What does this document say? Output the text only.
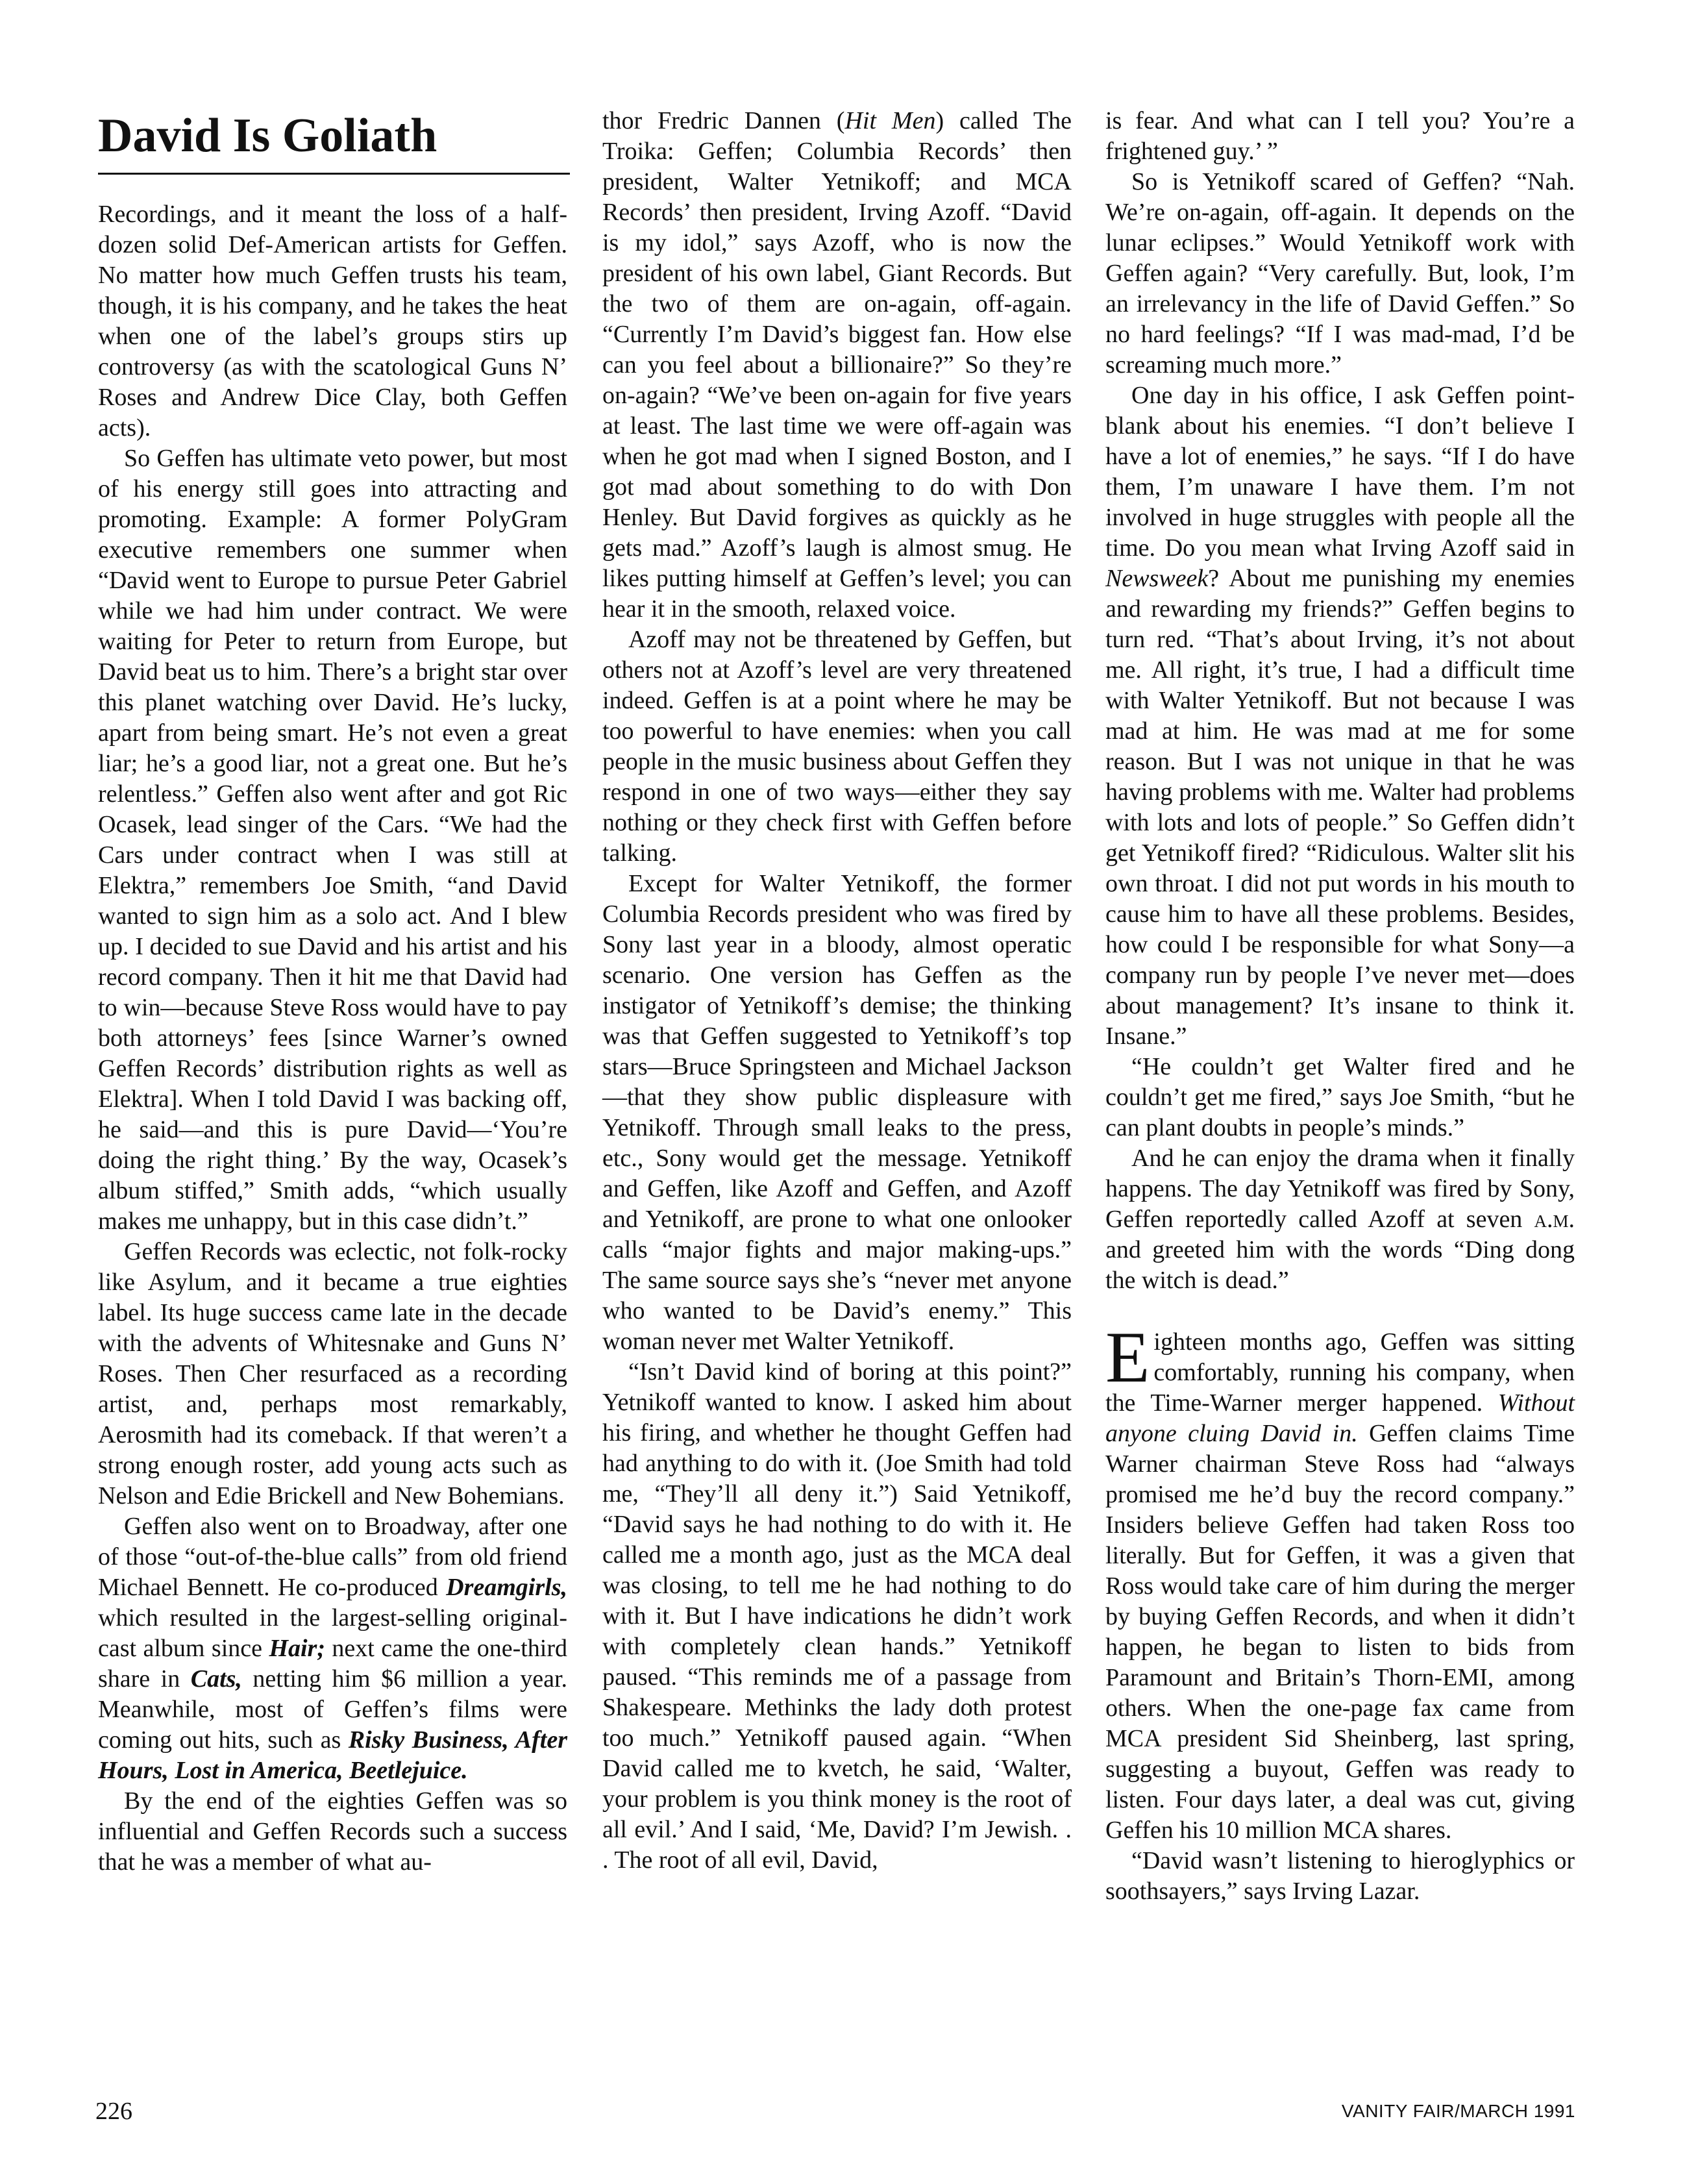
David Is Goliath

Recordings, and it meant the loss of a half-dozen solid Def-American artists for Geffen. No matter how much Geffen trusts his team, though, it is his company, and he takes the heat when one of the label’s groups stirs up controversy (as with the scatological Guns N’ Roses and Andrew Dice Clay, both Geffen acts).

So Geffen has ultimate veto power, but most of his energy still goes into attracting and promoting. Example: A former PolyGram executive remembers one summer when “David went to Europe to pursue Peter Gabriel while we had him under contract. We were waiting for Peter to return from Europe, but David beat us to him. There’s a bright star over this planet watching over David. He’s lucky, apart from being smart. He’s not even a great liar; he’s a good liar, not a great one. But he’s relentless.” Geffen also went after and got Ric Ocasek, lead singer of the Cars. “We had the Cars under contract when I was still at Elektra,” remembers Joe Smith, “and David wanted to sign him as a solo act. And I blew up. I decided to sue David and his artist and his record company. Then it hit me that David had to win—because Steve Ross would have to pay both attorneys’ fees [since Warner’s owned Geffen Records’ distribution rights as well as Elektra]. When I told David I was backing off, he said—and this is pure David—‘You’re doing the right thing.’ By the way, Ocasek’s album stiffed,” Smith adds, “which usually makes me unhappy, but in this case didn’t.”

Geffen Records was eclectic, not folk-rocky like Asylum, and it became a true eighties label. Its huge success came late in the decade with the advents of Whitesnake and Guns N’ Roses. Then Cher resurfaced as a recording artist, and, perhaps most remarkably, Aerosmith had its comeback. If that weren’t a strong enough roster, add young acts such as Nelson and Edie Brickell and New Bohemians.

Geffen also went on to Broadway, after one of those “out-of-the-blue calls” from old friend Michael Bennett. He co-produced Dreamgirls, which resulted in the largest-selling original-cast album since Hair; next came the one-third share in Cats, netting him $6 million a year. Meanwhile, most of Geffen’s films were coming out hits, such as Risky Business, After Hours, Lost in America, Beetlejuice.

By the end of the eighties Geffen was so influential and Geffen Records such a success that he was a member of what au-

thor Fredric Dannen (Hit Men) called The Troika: Geffen; Columbia Records’ then president, Walter Yetnikoff; and MCA Records’ then president, Irving Azoff. “David is my idol,” says Azoff, who is now the president of his own label, Giant Records. But the two of them are on-again, off-again. “Currently I’m David’s biggest fan. How else can you feel about a billionaire?” So they’re on-again? “We’ve been on-again for five years at least. The last time we were off-again was when he got mad when I signed Boston, and I got mad about something to do with Don Henley. But David forgives as quickly as he gets mad.” Azoff’s laugh is almost smug. He likes putting himself at Geffen’s level; you can hear it in the smooth, relaxed voice.

Azoff may not be threatened by Geffen, but others not at Azoff’s level are very threatened indeed. Geffen is at a point where he may be too powerful to have enemies: when you call people in the music business about Geffen they respond in one of two ways—either they say nothing or they check first with Geffen before talking.

Except for Walter Yetnikoff, the former Columbia Records president who was fired by Sony last year in a bloody, almost operatic scenario. One version has Geffen as the instigator of Yetnikoff’s demise; the thinking was that Geffen suggested to Yetnikoff’s top stars—Bruce Springsteen and Michael Jackson—that they show public displeasure with Yetnikoff. Through small leaks to the press, etc., Sony would get the message. Yetnikoff and Geffen, like Azoff and Geffen, and Azoff and Yetnikoff, are prone to what one onlooker calls “major fights and major making-ups.” The same source says she’s “never met anyone who wanted to be David’s enemy.” This woman never met Walter Yetnikoff.

“Isn’t David kind of boring at this point?” Yetnikoff wanted to know. I asked him about his firing, and whether he thought Geffen had had anything to do with it. (Joe Smith had told me, “They’ll all deny it.”) Said Yetnikoff, “David says he had nothing to do with it. He called me a month ago, just as the MCA deal was closing, to tell me he had nothing to do with it. But I have indications he didn’t work with completely clean hands.” Yetnikoff paused. “This reminds me of a passage from Shakespeare. Methinks the lady doth protest too much.” Yetnikoff paused again. “When David called me to kvetch, he said, ‘Walter, your problem is you think money is the root of all evil.’ And I said, ‘Me, David? I’m Jewish. . . The root of all evil, David,

is fear. And what can I tell you? You’re a frightened guy.’ ”

So is Yetnikoff scared of Geffen? “Nah. We’re on-again, off-again. It depends on the lunar eclipses.” Would Yetnikoff work with Geffen again? “Very carefully. But, look, I’m an irrelevancy in the life of David Geffen.” So no hard feelings? “If I was mad-mad, I’d be screaming much more.”

One day in his office, I ask Geffen point-blank about his enemies. “I don’t believe I have a lot of enemies,” he says. “If I do have them, I’m unaware I have them. I’m not involved in huge struggles with people all the time. Do you mean what Irving Azoff said in Newsweek? About me punishing my enemies and rewarding my friends?” Geffen begins to turn red. “That’s about Irving, it’s not about me. All right, it’s true, I had a difficult time with Walter Yetnikoff. But not because I was mad at him. He was mad at me for some reason. But I was not unique in that he was having problems with me. Walter had problems with lots and lots of people.” So Geffen didn’t get Yetnikoff fired? “Ridiculous. Walter slit his own throat. I did not put words in his mouth to cause him to have all these problems. Besides, how could I be responsible for what Sony—a company run by people I’ve never met—does about management? It’s insane to think it. Insane.”

“He couldn’t get Walter fired and he couldn’t get me fired,” says Joe Smith, “but he can plant doubts in people’s minds.”

And he can enjoy the drama when it finally happens. The day Yetnikoff was fired by Sony, Geffen reportedly called Azoff at seven a.m. and greeted him with the words “Ding dong the witch is dead.”

Eighteen months ago, Geffen was sitting comfortably, running his company, when the Time-Warner merger happened. Without anyone cluing David in. Geffen claims Time Warner chairman Steve Ross had “always promised me he’d buy the record company.” Insiders believe Geffen had taken Ross too literally. But for Geffen, it was a given that Ross would take care of him during the merger by buying Geffen Records, and when it didn’t happen, he began to listen to bids from Paramount and Britain’s Thorn-EMI, among others. When the one-page fax came from MCA president Sid Sheinberg, last spring, suggesting a buyout, Geffen was ready to listen. Four days later, a deal was cut, giving Geffen his 10 million MCA shares.

“David wasn’t listening to hieroglyphics or soothsayers,” says Irving Lazar.

226	VANITY FAIR/MARCH 1991
